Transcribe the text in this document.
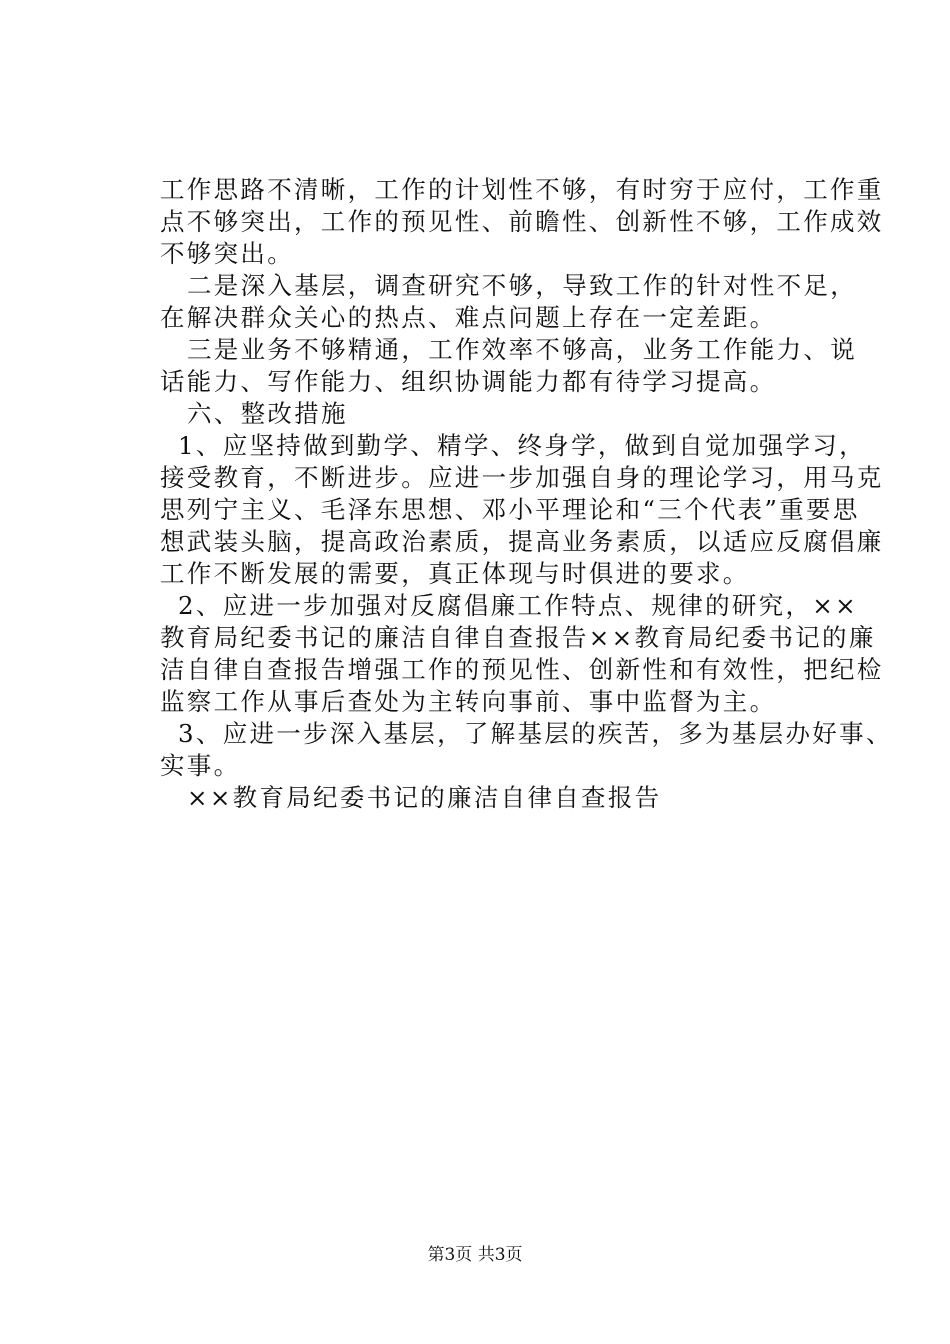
工作思路不清晰，工作的计划性不够，有时穷于应付，工作重
点不够突出，工作的预见性、前瞻性、创新性不够，工作成效
不够突出。
二是深入基层，调查研究不够，导致工作的针对性不足，
在解决群众关心的热点、难点问题上存在一定差距。
三是业务不够精通，工作效率不够高，业务工作能力、说
话能力、写作能力、组织协调能力都有待学习提高。
六、整改措施
1、应坚持做到勤学、精学、终身学，做到自觉加强学习，
接受教育，不断进步。应进一步加强自身的理论学习，用马克
思列宁主义、毛泽东思想、邓小平理论和“三个代表”重要思
想武装头脑，提高政治素质，提高业务素质，以适应反腐倡廉
工作不断发展的需要，真正体现与时俱进的要求。
2、应进一步加强对反腐倡廉工作特点、规律的研究，××
教育局纪委书记的廉洁自律自查报告××教育局纪委书记的廉
洁自律自查报告增强工作的预见性、创新性和有效性，把纪检
监察工作从事后查处为主转向事前、事中监督为主。
3、应进一步深入基层，了解基层的疾苦，多为基层办好事、
实事。
××教育局纪委书记的廉洁自律自查报告
第3页 共3页
